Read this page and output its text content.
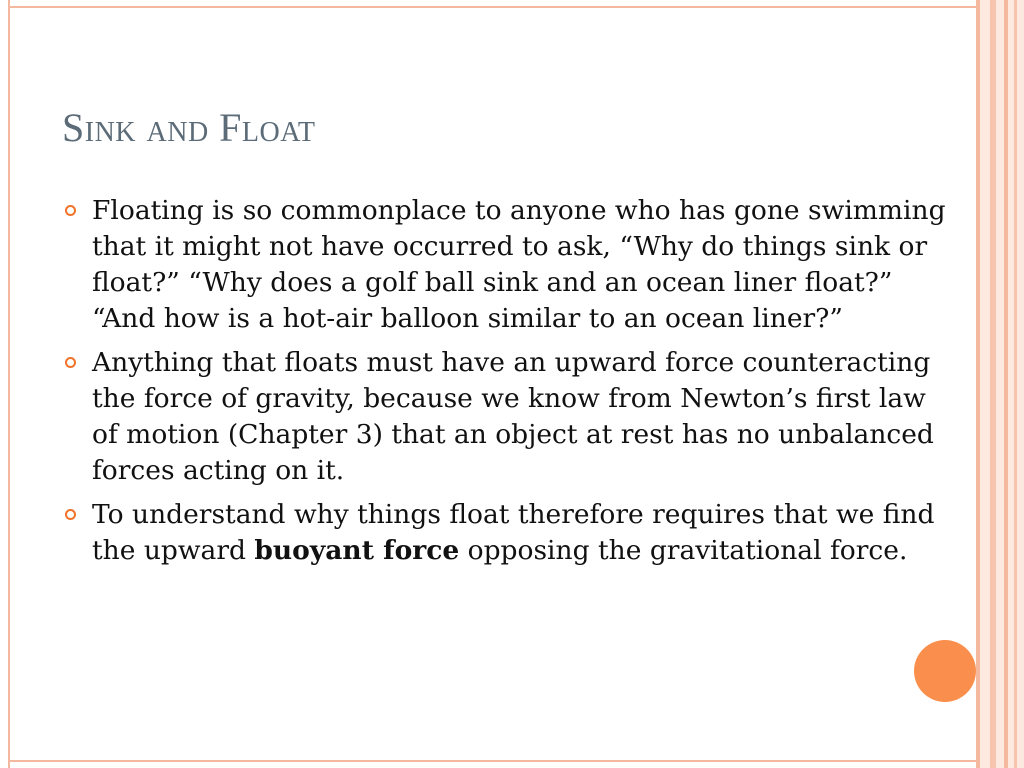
Sink and Float
Floating is so commonplace to anyone who has gone swimming that it might not have occurred to ask, “Why do things sink or float?” “Why does a golf ball sink and an ocean liner float?” “And how is a hot-air balloon similar to an ocean liner?”
Anything that floats must have an upward force counteracting the force of gravity, because we know from Newton’s first law of motion (Chapter 3) that an object at rest has no unbalanced forces acting on it.
To understand why things float therefore requires that we find the upward buoyant force opposing the gravitational force.
